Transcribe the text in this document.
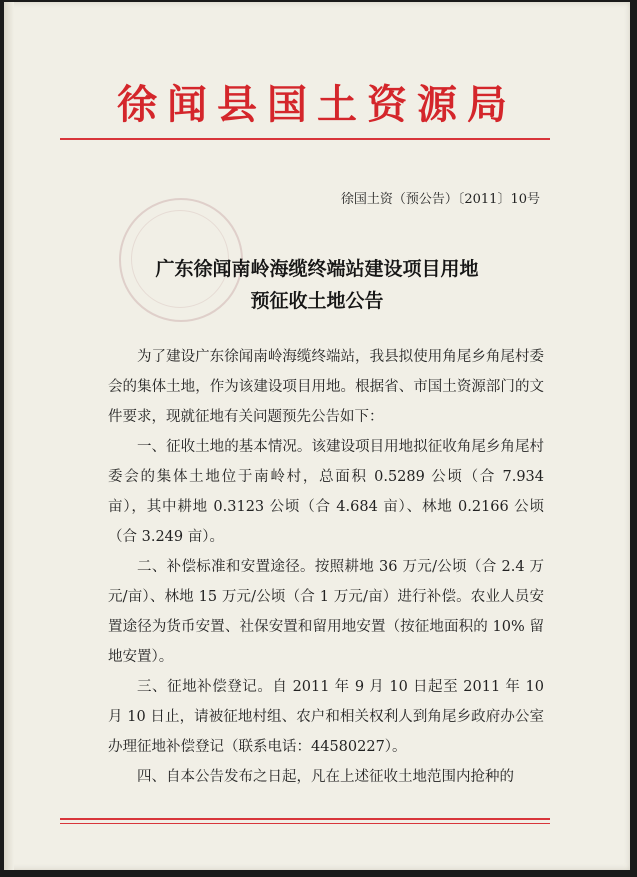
徐闻县国土资源局
徐国土资（预公告）〔2011〕10号
广东徐闻南岭海缆终端站建设项目用地
预征收土地公告

为了建设广东徐闻南岭海缆终端站，我县拟使用角尾乡角尾村委会的集体土地，作为该建设项目用地。根据省、市国土资源部门的文件要求，现就征地有关问题预先公告如下：

一、征收土地的基本情况。该建设项目用地拟征收角尾乡角尾村委会的集体土地位于南岭村，总面积 0.5289 公顷（合 7.934 亩），其中耕地 0.3123 公顷（合 4.684 亩）、林地 0.2166 公顷（合 3.249 亩）。

二、补偿标准和安置途径。按照耕地 36 万元/公顷（合 2.4 万元/亩）、林地 15 万元/公顷（合 1 万元/亩）进行补偿。农业人员安置途径为货币安置、社保安置和留用地安置（按征地面积的 10% 留地安置）。

三、征地补偿登记。自 2011 年 9 月 10 日起至 2011 年 10 月 10 日止，请被征地村组、农户和相关权利人到角尾乡政府办公室办理征地补偿登记（联系电话：44580227）。

四、自本公告发布之日起，凡在上述征收土地范围内抢种的
